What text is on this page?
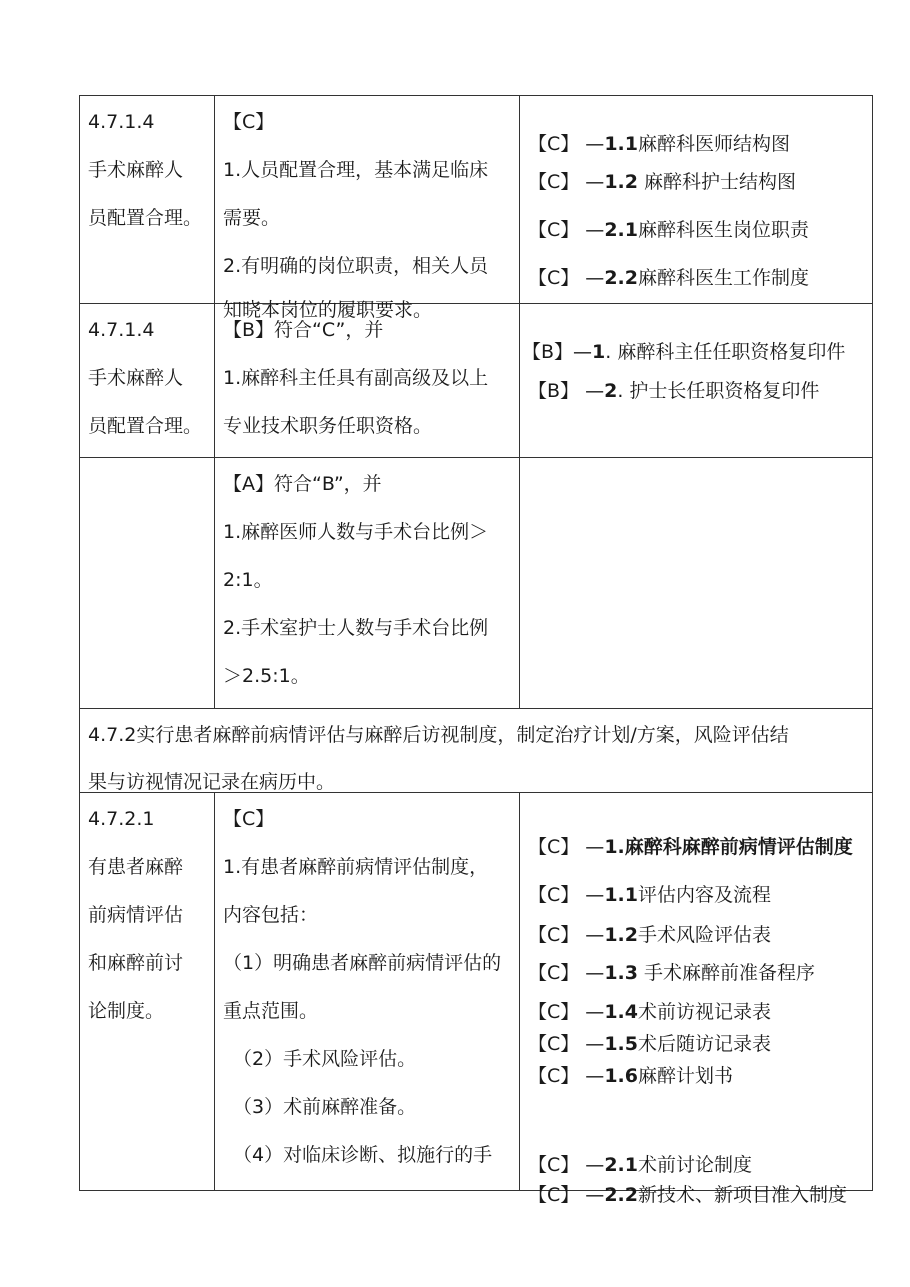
4.7.1.4
手术麻醉人
员配置合理。
【C】
1.人员配置合理，基本满足临床
需要。
2.有明确的岗位职责，相关人员
知晓本岗位的履职要求。
【C】 —1.1麻醉科医师结构图
【C】 —1.2 麻醉科护士结构图
【C】 —2.1麻醉科医生岗位职责
【C】 —2.2麻醉科医生工作制度
4.7.1.4
手术麻醉人
员配置合理。
【B】符合“C”，并
1.麻醉科主任具有副高级及以上
专业技术职务任职资格。
【B】—1. 麻醉科主任任职资格复印件
【B】 —2. 护士长任职资格复印件
【A】符合“B”，并
1.麻醉医师人数与手术台比例＞
2:1。
2.手术室护士人数与手术台比例
＞2.5:1。
4.7.2实行患者麻醉前病情评估与麻醉后访视制度，制定治疗计划/方案，风险评估结
果与访视情况记录在病历中。
4.7.2.1
有患者麻醉
前病情评估
和麻醉前讨
论制度。
【C】
1.有患者麻醉前病情评估制度，
内容包括：
（1）明确患者麻醉前病情评估的
重点范围。
（2）手术风险评估。
（3）术前麻醉准备。
（4）对临床诊断、拟施行的手
【C】 —1.麻醉科麻醉前病情评估制度
【C】 —1.1评估内容及流程
【C】 —1.2手术风险评估表
【C】 —1.3 手术麻醉前准备程序
【C】 —1.4术前访视记录表
【C】 —1.5术后随访记录表
【C】 —1.6麻醉计划书
【C】 —2.1术前讨论制度
【C】 —2.2新技术、新项目准入制度
